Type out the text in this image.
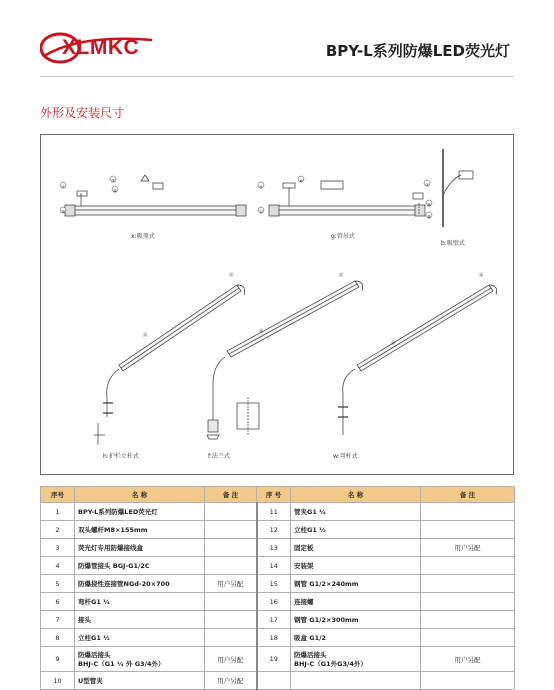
XLMKC	BPY-L系列防爆LED荧光灯
外形及安装尺寸
x:吸顶式	g:管吊式
b:吸壁式
h:护栏立杆式	f:法兰式	w:弯杆式
①
③
④
⑤
⑥
⑦
⑧
⑨
⑩	⑫
⑬
⑭
⑮
⑯
⑰
⑲
序号	名 称	备 注	序 号	名 称	备 注
1	BPY-L系列防爆LED荧光灯		11	管夹G1 ¹⁄₄	
2	双头螺杆M8×155mm		12	立柱G1 ¹⁄₂	
3	荧光灯专用防爆接线盒		13	固定板	用户另配
4	防爆管接头 BGJ-G1/2C		14	安装架	
5	防爆挠性连接管NGd-20×700	用户另配	15	钢管 G1/2×240mm	
6	弯杆G1 ¹⁄₄		16	连接螺	
7	接头		17	钢管 G1/2×300mm	
8	立柱G1 ¹⁄₂		18	吸盒 G1/2	
9	防爆活接头
BHJ-C（G1 ¹⁄₄ 外 G3/4外）	用户另配	19	防爆活接头
BHJ-C（G1外G3/4外）	用户另配
10	U型管夹	用户另配			
